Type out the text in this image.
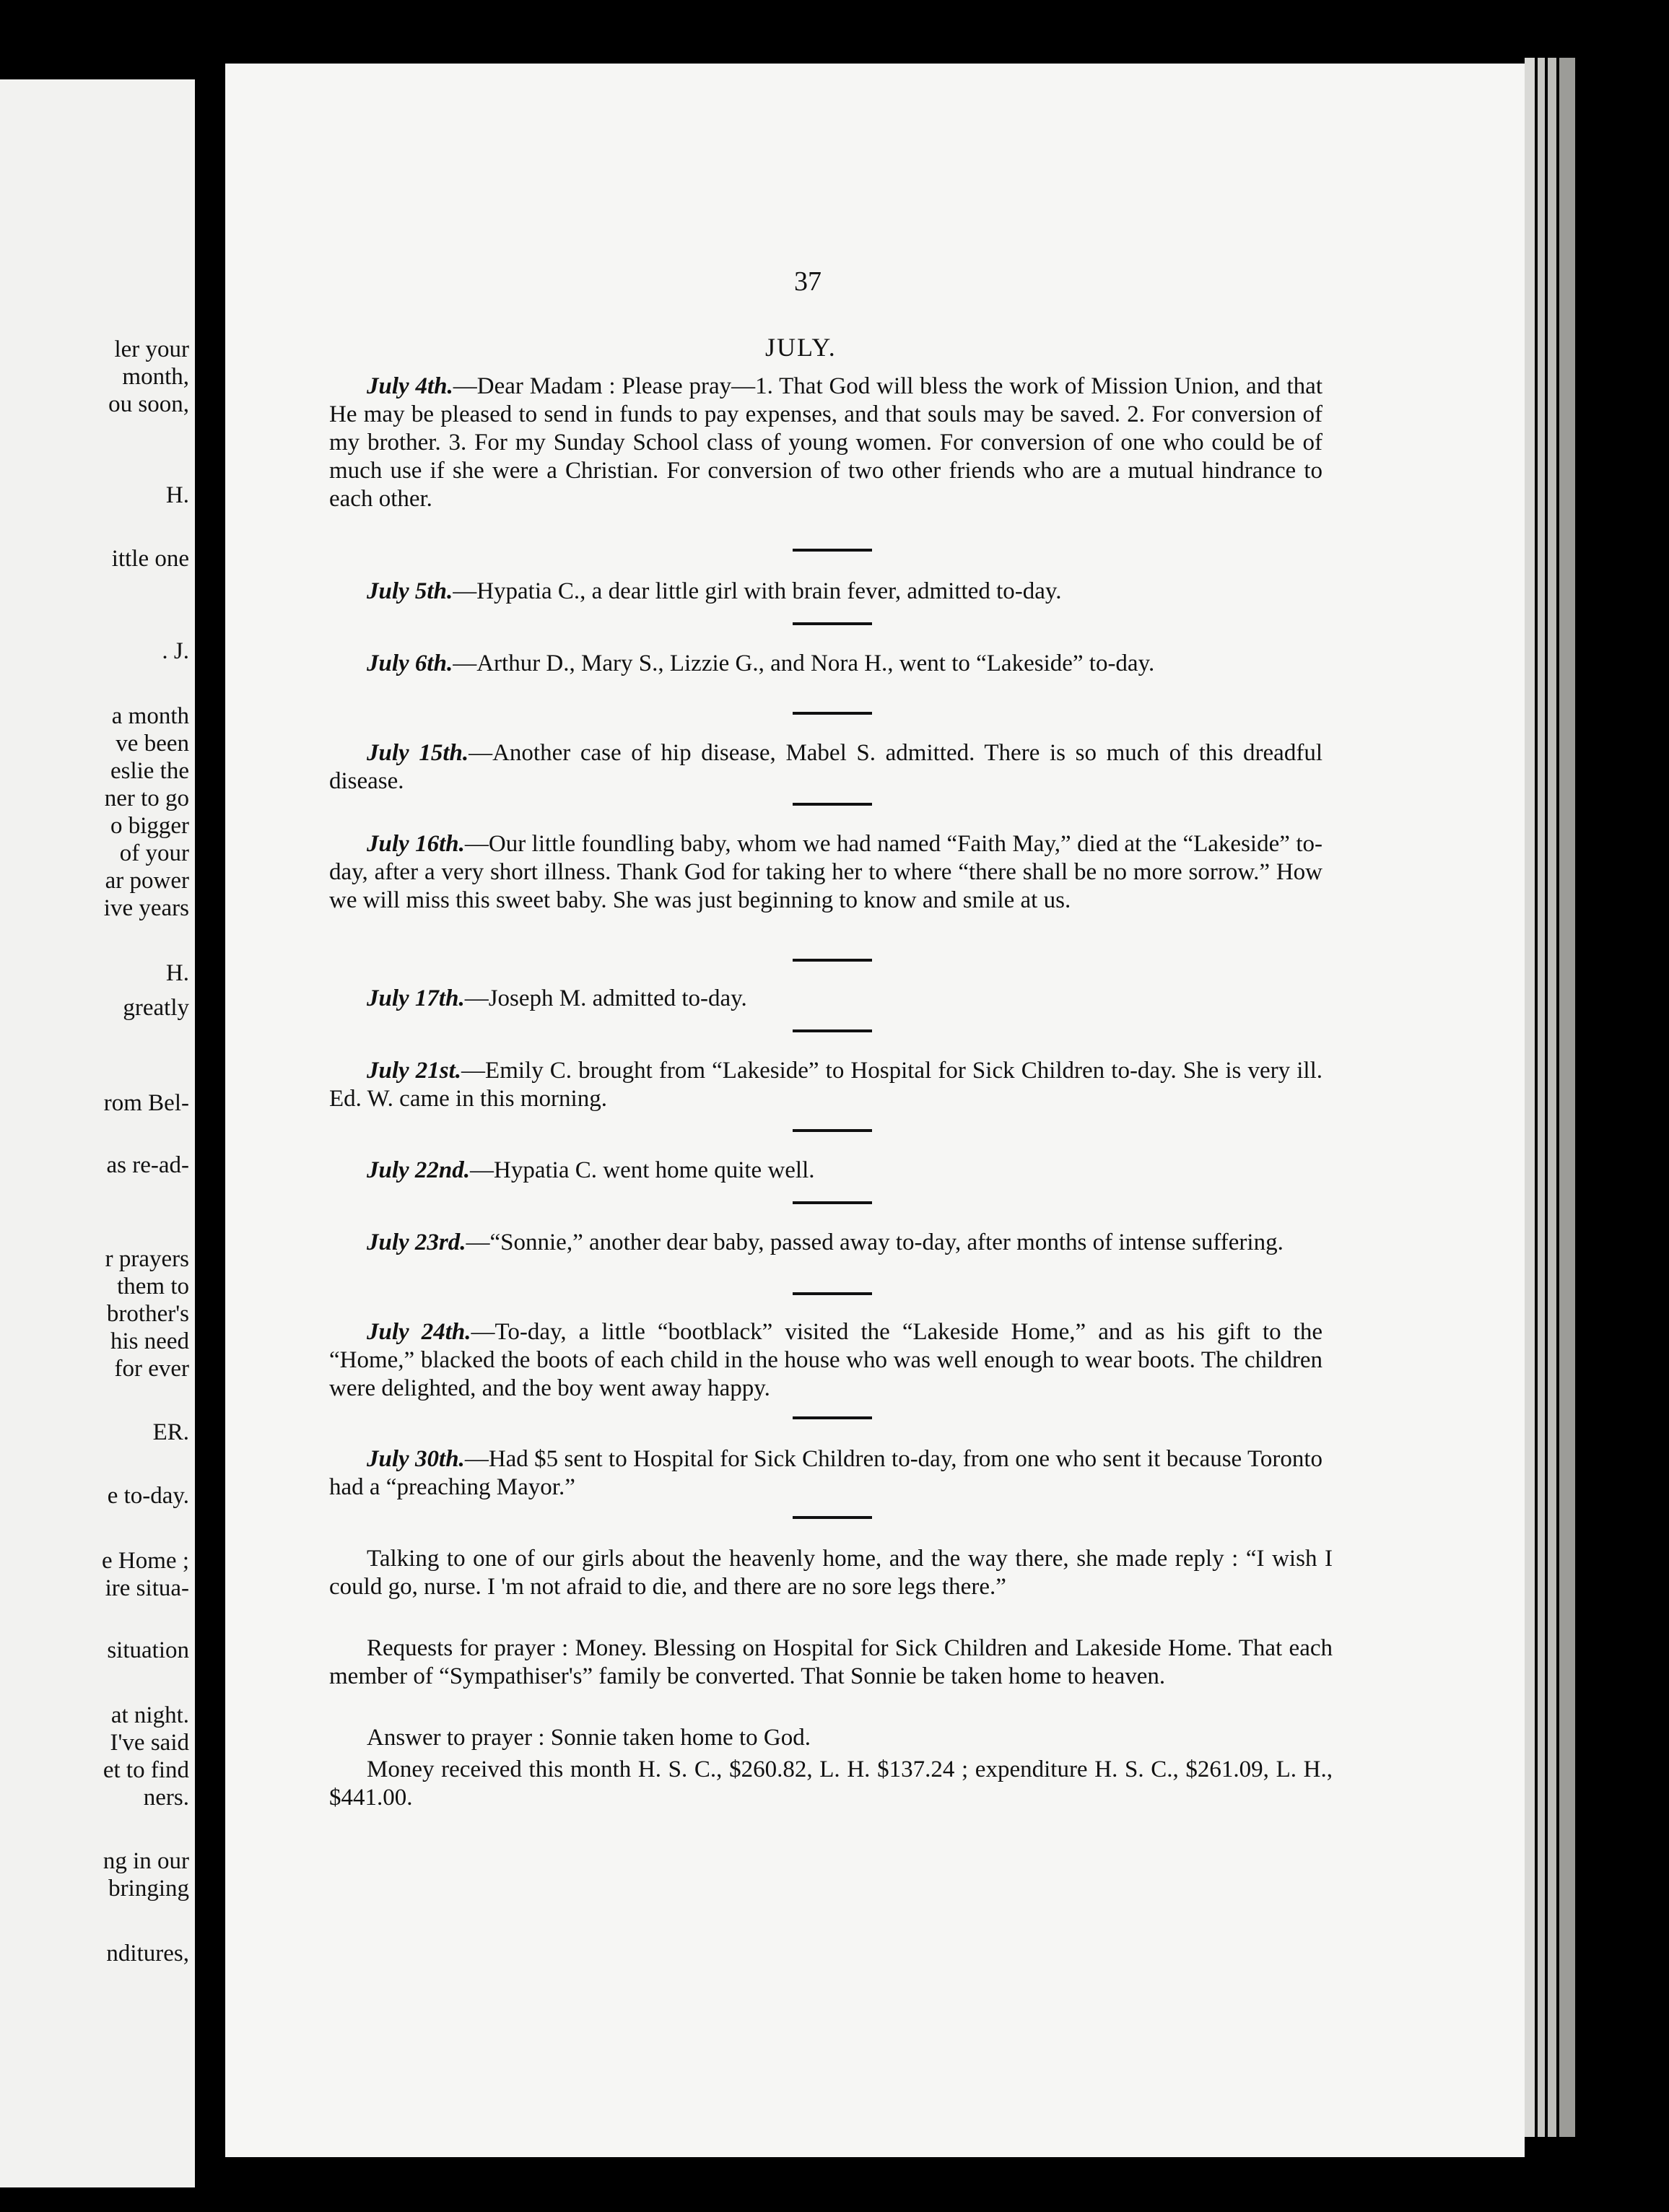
ler your
month,
ou soon,
H.
ittle one
. J.
a month
ve been
eslie the
ner to go
o bigger
of your
ar power
ive years
H.
greatly
rom Bel-
as re-ad-
r prayers
them to
brother's
his need
for ever
ER.
e to-day.
e Home ;
ire situa-
situation
at night.
I've said
et to find
ners.
ng in our
bringing
nditures,
37
JULY.
July 4th.—Dear Madam : Please pray—1. That God will bless the work of Mission Union, and that He may be pleased to send in funds to pay expenses, and that souls may be saved. 2. For conversion of my brother. 3. For my Sunday School class of young women. For conversion of one who could be of much use if she were a Christian. For conversion of two other friends who are a mutual hindrance to each other.
July 5th.—Hypatia C., a dear little girl with brain fever, admitted to-day.
July 6th.—Arthur D., Mary S., Lizzie G., and Nora H., went to “Lakeside” to-day.
July 15th.—Another case of hip disease, Mabel S. admitted. There is so much of this dreadful disease.
July 16th.—Our little foundling baby, whom we had named “Faith May,” died at the “Lakeside” to-day, after a very short illness. Thank God for taking her to where “there shall be no more sorrow.” How we will miss this sweet baby. She was just beginning to know and smile at us.
July 17th.—Joseph M. admitted to-day.
July 21st.—Emily C. brought from “Lakeside” to Hospital for Sick Children to-day. She is very ill. Ed. W. came in this morning.
July 22nd.—Hypatia C. went home quite well.
July 23rd.—“Sonnie,” another dear baby, passed away to-day, after months of intense suffering.
July 24th.—To-day, a little “bootblack” visited the “Lakeside Home,” and as his gift to the “Home,” blacked the boots of each child in the house who was well enough to wear boots. The children were delighted, and the boy went away happy.
July 30th.—Had $5 sent to Hospital for Sick Children to-day, from one who sent it because Toronto had a “preaching Mayor.”
Talking to one of our girls about the heavenly home, and the way there, she made reply : “I wish I could go, nurse. I 'm not afraid to die, and there are no sore legs there.”
Requests for prayer : Money. Blessing on Hospital for Sick Children and Lakeside Home. That each member of “Sympathiser's” family be converted. That Sonnie be taken home to heaven.
Answer to prayer : Sonnie taken home to God.
Money received this month H. S. C., $260.82, L. H. $137.24 ; expenditure H. S. C., $261.09, L. H., $441.00.
